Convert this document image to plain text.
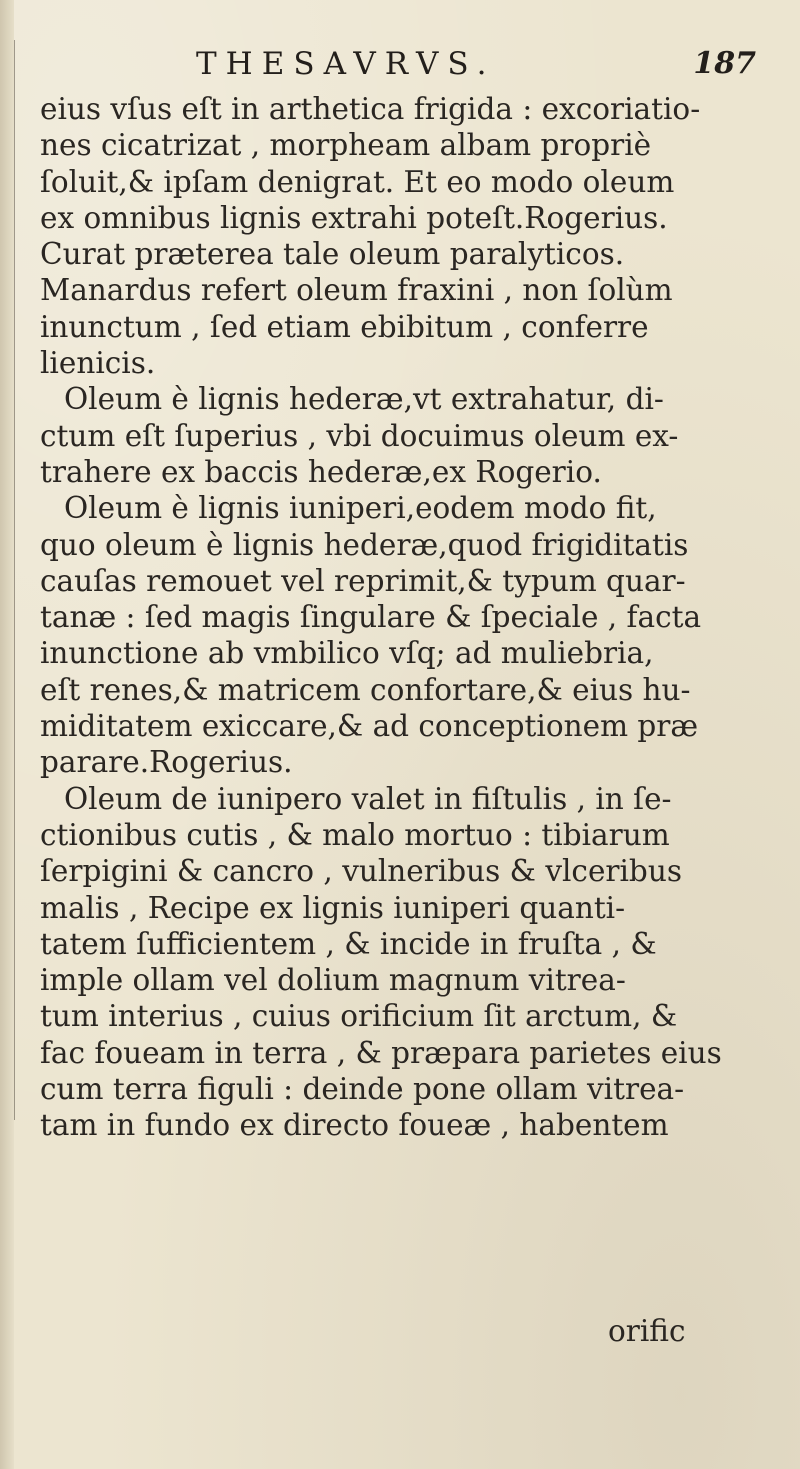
THESAVRVS.	187
eius vſus eſt in arthetica frigida : excoriatio-
nes cicatrizat , morpheam albam propriè
ſoluit,& ipſam denigrat. Et eo modo oleum
ex omnibus lignis extrahi poteſt.Rogerius.
Curat præterea tale oleum paralyticos.
Manardus refert oleum fraxini , non ſolùm
inunctum , ſed etiam ebibitum , conferre
lienicis.
Oleum è lignis hederæ,vt extrahatur, di-
ctum eſt ſuperius , vbi docuimus oleum ex-
trahere ex baccis hederæ,ex Rogerio.
Oleum è lignis iuniperi,eodem modo fit,
quo oleum è lignis hederæ,quod frigiditatis
cauſas remouet vel reprimit,& typum quar-
tanæ : ſed magis ſingulare & ſpeciale , facta
inunctione ab vmbilico vſq; ad muliebria,
eſt renes,& matricem confortare,& eius hu-
miditatem exiccare,& ad conceptionem præ
parare.Rogerius.
Oleum de iunipero valet in fiſtulis , in ſe-
ctionibus cutis , & malo mortuo : tibiarum
ſerpigini & cancro , vulneribus & vlceribus
malis , Recipe ex lignis iuniperi quanti-
tatem ſufficientem , & incide in fruſta , &
imple ollam vel dolium magnum vitrea-
tum interius , cuius orificium ſit arctum, &
fac foueam in terra , & præpara parietes eius
cum terra figuli : deinde pone ollam vitrea-
tam in fundo ex directo foueæ , habentem
orific
